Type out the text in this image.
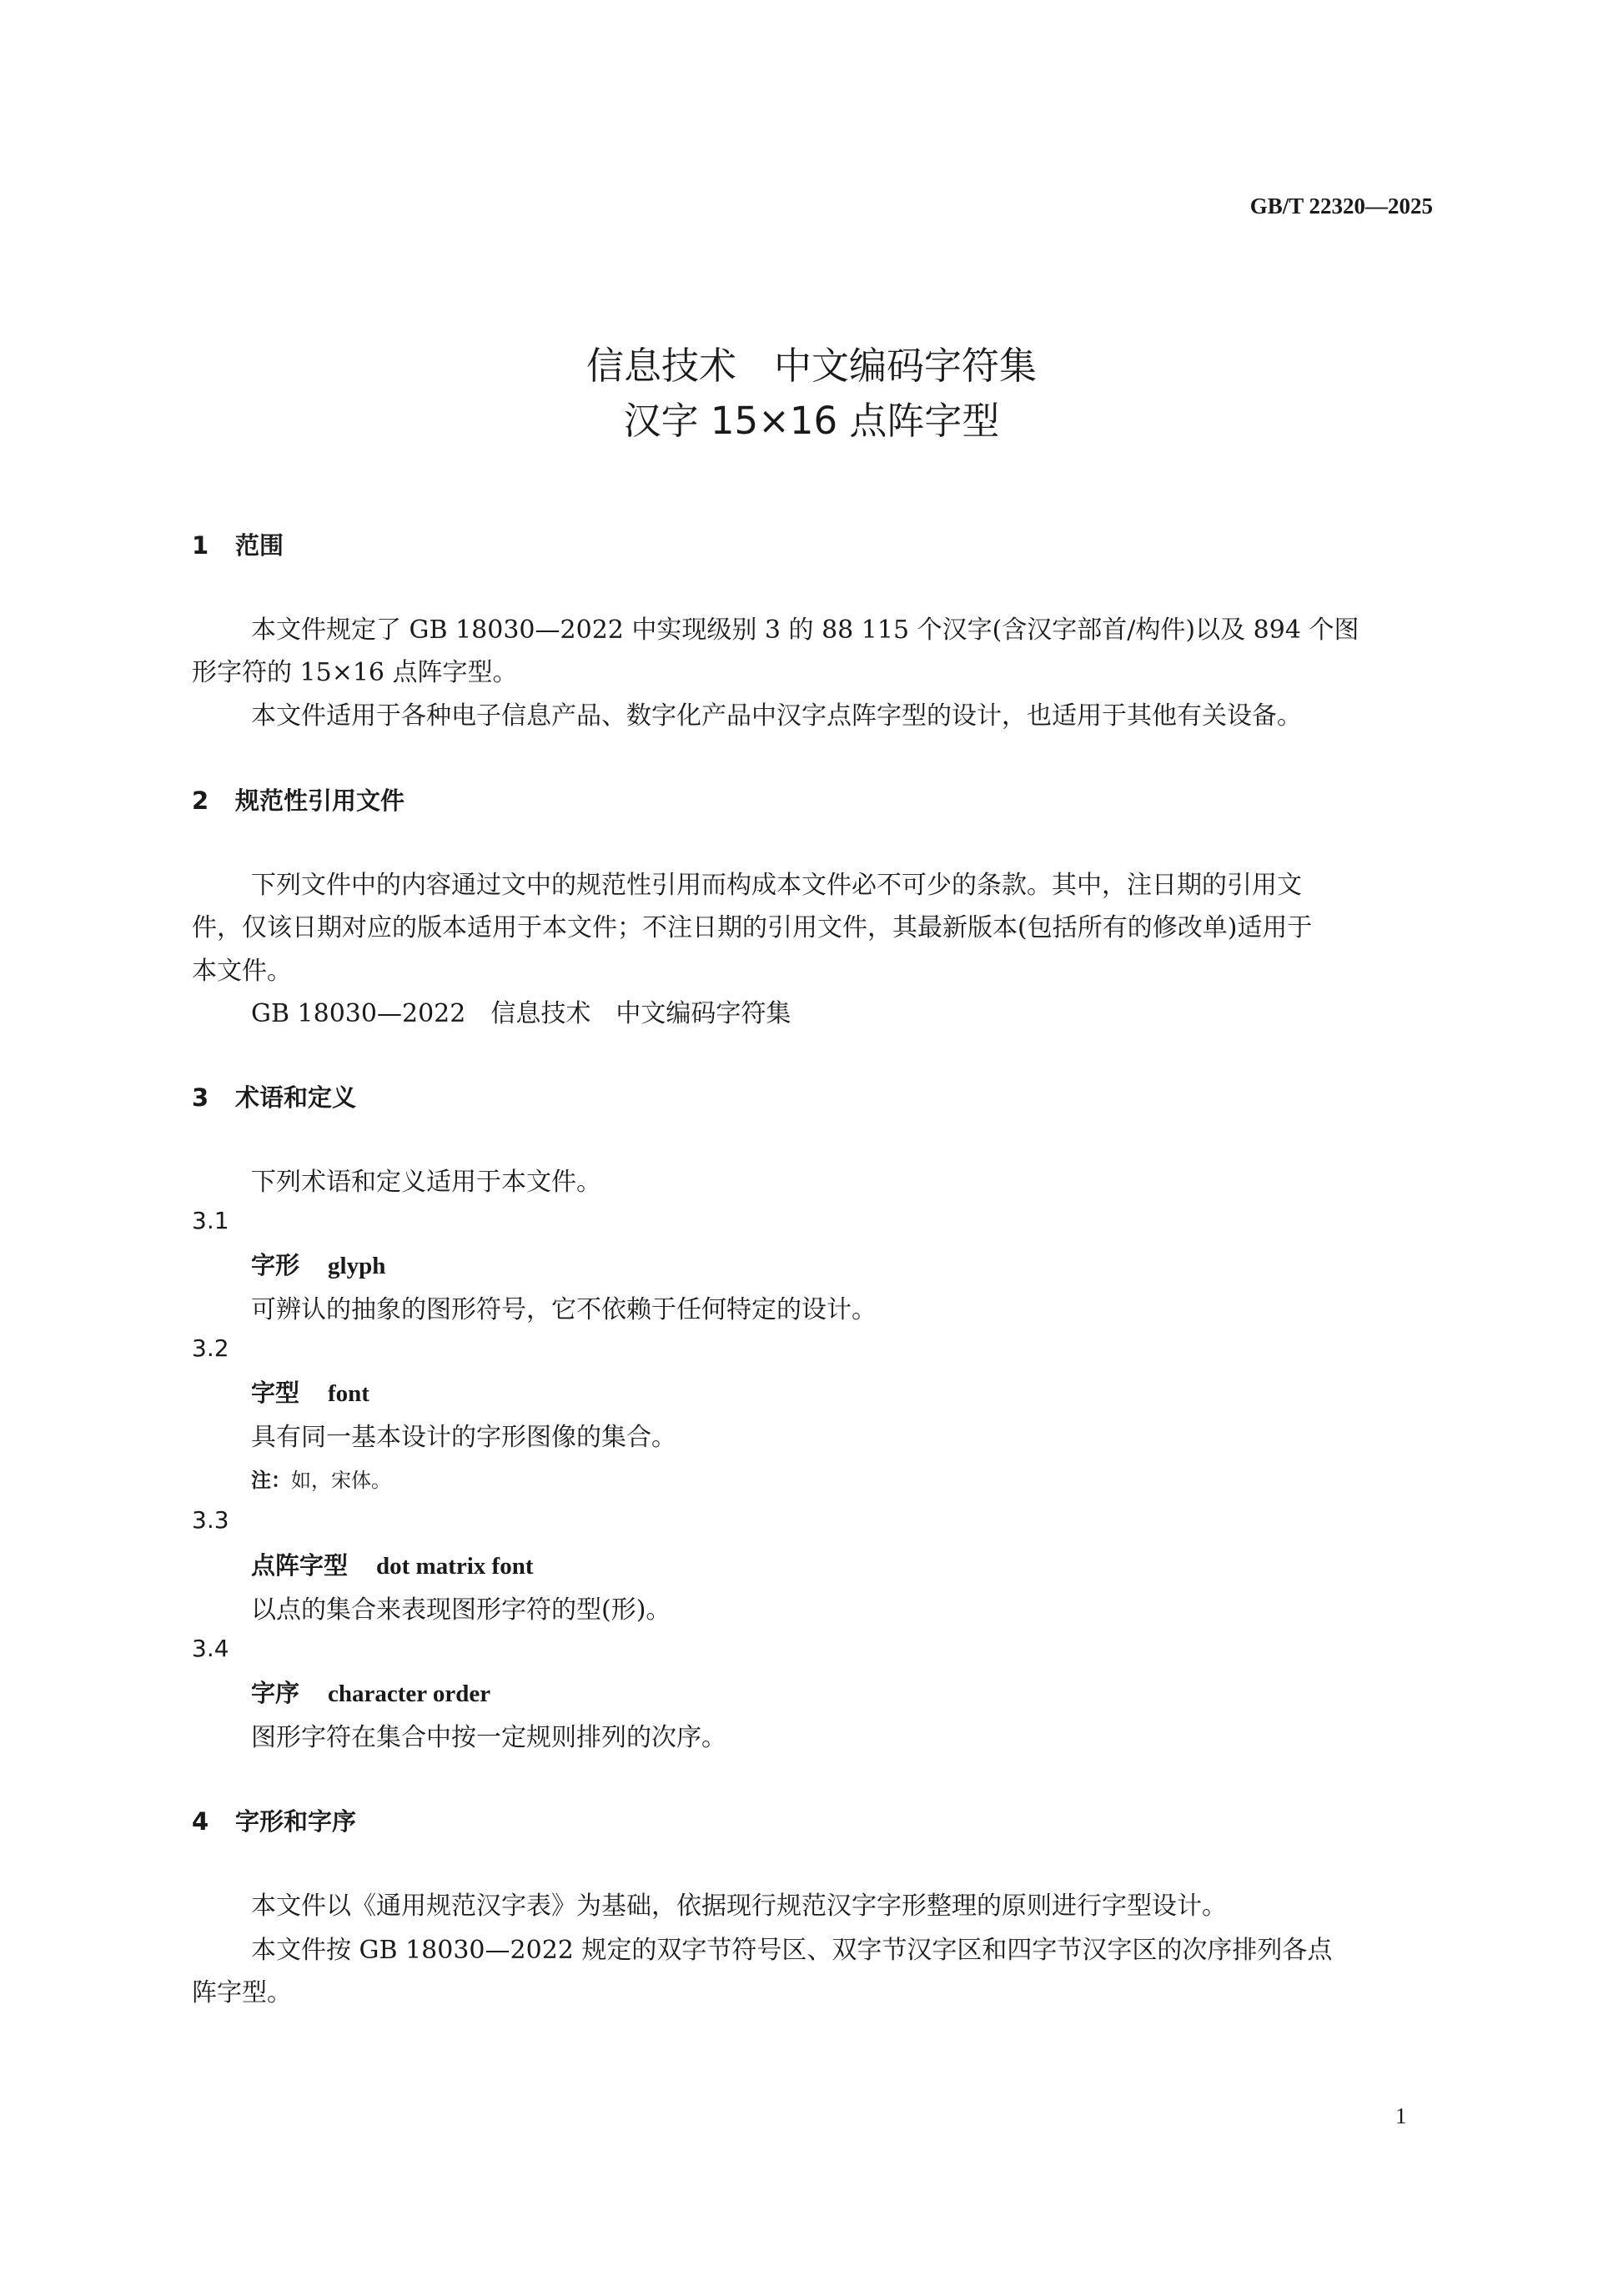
GB/T 22320—2025
信息技术　中文编码字符集
汉字 15×16 点阵字型
1 范围
本文件规定了 GB 18030—2022 中实现级别 3 的 88 115 个汉字(含汉字部首/构件)以及 894 个图
形字符的 15×16 点阵字型。
本文件适用于各种电子信息产品、数字化产品中汉字点阵字型的设计，也适用于其他有关设备。
2 规范性引用文件
下列文件中的内容通过文中的规范性引用而构成本文件必不可少的条款。其中，注日期的引用文
件，仅该日期对应的版本适用于本文件；不注日期的引用文件，其最新版本(包括所有的修改单)适用于
本文件。
GB 18030—2022　信息技术　中文编码字符集
3 术语和定义
下列术语和定义适用于本文件。
3.1
字形 glyph
可辨认的抽象的图形符号，它不依赖于任何特定的设计。
3.2
字型 font
具有同一基本设计的字形图像的集合。
注：如，宋体。
3.3
点阵字型 dot matrix font
以点的集合来表现图形字符的型(形)。
3.4
字序 character order
图形字符在集合中按一定规则排列的次序。
4 字形和字序
本文件以《通用规范汉字表》为基础，依据现行规范汉字字形整理的原则进行字型设计。
本文件按 GB 18030—2022 规定的双字节符号区、双字节汉字区和四字节汉字区的次序排列各点
阵字型。
1
